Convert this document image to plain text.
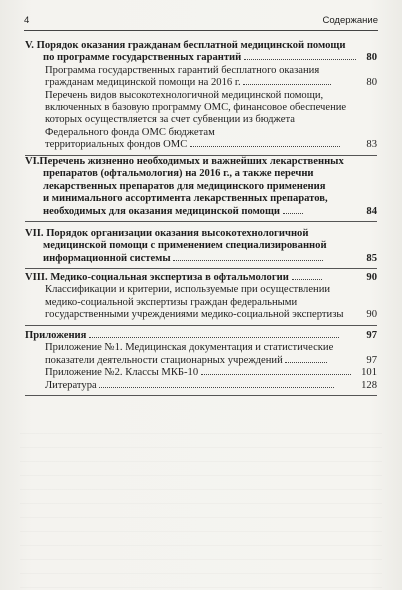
4	Содержание
V. Порядок оказания гражданам бесплатной медицинской помощи
по программе государственных гарантий	80
Программа государственных гарантий бесплатного оказания
гражданам медицинской помощи на 2016 г.	80
Перечень видов высокотехнологичной медицинской помощи,
включенных в базовую программу ОМС, финансовое обеспечение
которых осуществляется за счет субвенции из бюджета
Федерального фонда ОМС бюджетам
территориальных фондов ОМС	83
VI.Перечень жизненно необходимых и важнейших лекарственных
препаратов (офтальмология) на 2016 г., а также перечни
лекарственных препаратов для медицинского применения
и минимального ассортимента лекарственных препаратов,
необходимых для оказания медицинской помощи	84
VII. Порядок организации оказания высокотехнологичной
медицинской помощи с применением специализированной
информационной системы	85
VIII. Медико-социальная экспертиза в офтальмологии	90
Классификации и критерии, используемые при осуществлении
медико-социальной экспертизы граждан федеральными
государственными учреждениями медико-социальной экспертизы 90
Приложения	97
Приложение №1. Медицинская документация и статистические
показатели деятельности стационарных учреждений	97
Приложение №2. Классы МКБ-10	101
Литература	128
